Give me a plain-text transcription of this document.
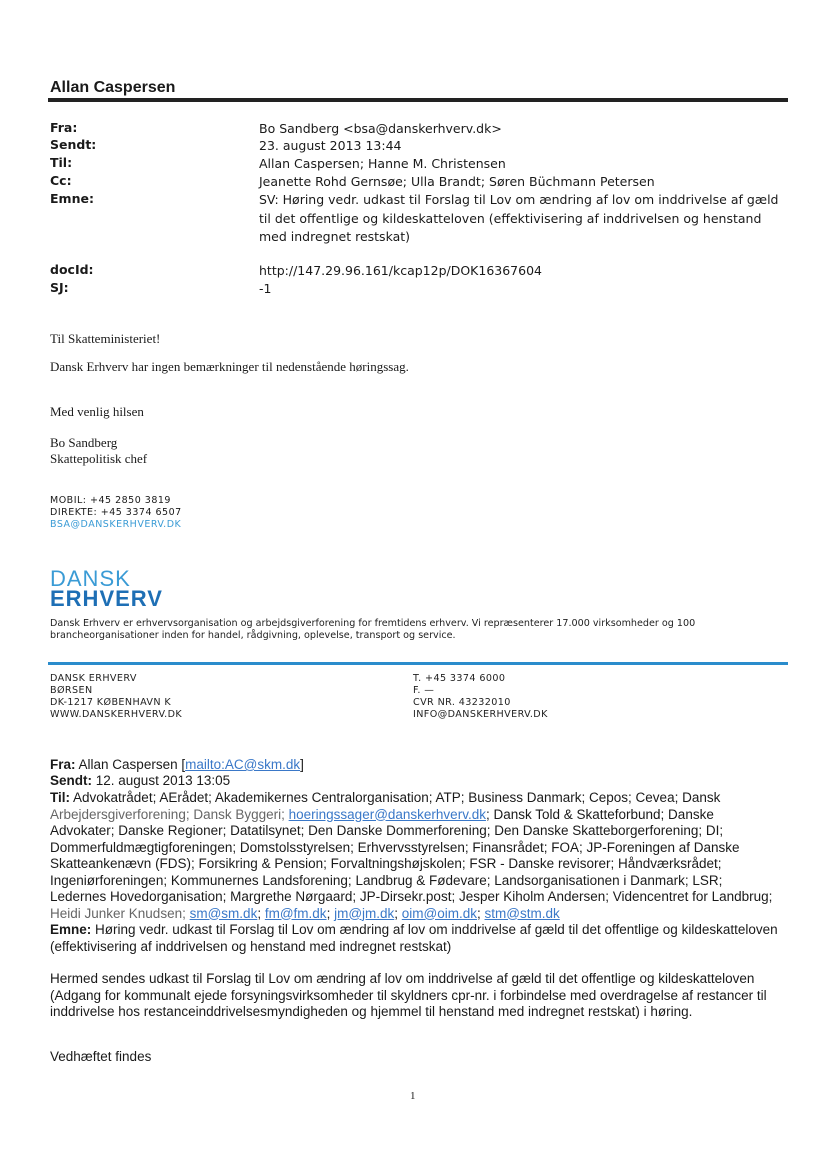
Allan Caspersen
Fra:	Bo Sandberg <bsa@danskerhverv.dk>
Sendt:	23. august 2013 13:44
Til:	Allan Caspersen; Hanne M. Christensen
Cc:	Jeanette Rohd Gernsøe; Ulla Brandt; Søren Büchmann Petersen
Emne:	SV: Høring vedr. udkast til Forslag til Lov om ændring af lov om inddrivelse af gæld til det offentlige og kildeskatteloven (effektivisering af inddrivelsen og henstand med indregnet restskat)
docId:	http://147.29.96.161/kcap12p/DOK16367604
SJ:	-1
Til Skatteministeriet!
Dansk Erhverv har ingen bemærkninger til nedenstående høringssag.
Med venlig hilsen
Bo Sandberg
Skattepolitisk chef
MOBIL: +45 2850 3819
DIREKTE: +45 3374 6507
BSA@DANSKERHVERV.DK
DANSK
ERHVERV
Dansk Erhverv er erhvervsorganisation og arbejdsgiverforening for fremtidens erhverv. Vi repræsenterer 17.000 virksomheder og 100 brancheorganisationer inden for handel, rådgivning, oplevelse, transport og service.
DANSK ERHVERV
BØRSEN
DK-1217 KØBENHAVN K
WWW.DANSKERHVERV.DK
T. +45 3374 6000
F. —
CVR NR. 43232010
INFO@DANSKERHVERV.DK
Fra: Allan Caspersen [mailto:AC@skm.dk]
Sendt: 12. august 2013 13:05
Til: Advokatrådet; AErådet; Akademikernes Centralorganisation; ATP; Business Danmark; Cepos; Cevea; Dansk Arbejdersgiverforening; Dansk Byggeri; hoeringssager@danskerhverv.dk; Dansk Told & Skatteforbund; Danske Advokater; Danske Regioner; Datatilsynet; Den Danske Dommerforening; Den Danske Skatteborgerforening; DI; Dommerfuldmægtigforeningen; Domstolsstyrelsen; Erhvervsstyrelsen; Finansrådet; FOA; JP-Foreningen af Danske Skatteankenævn (FDS); Forsikring & Pension; Forvaltningshøjskolen; FSR - Danske revisorer; Håndværksrådet; Ingeniørforeningen; Kommunernes Landsforening; Landbrug & Fødevare; Landsorganisationen i Danmark; LSR; Ledernes Hovedorganisation; Margrethe Nørgaard; JP-Dirsekr.post; Jesper Kiholm Andersen; Videncentret for Landbrug; Heidi Junker Knudsen; sm@sm.dk; fm@fm.dk; jm@jm.dk; oim@oim.dk; stm@stm.dk
Emne: Høring vedr. udkast til Forslag til Lov om ændring af lov om inddrivelse af gæld til det offentlige og kildeskatteloven (effektivisering af inddrivelsen og henstand med indregnet restskat)
Hermed sendes udkast til Forslag til Lov om ændring af lov om inddrivelse af gæld til det offentlige og kildeskatteloven (Adgang for kommunalt ejede forsyningsvirksomheder til skyldners cpr-nr. i forbindelse med overdragelse af restancer til inddrivelse hos restanceinddrivelsesmyndigheden og hjemmel til henstand med indregnet restskat) i høring.
Vedhæftet findes
1
